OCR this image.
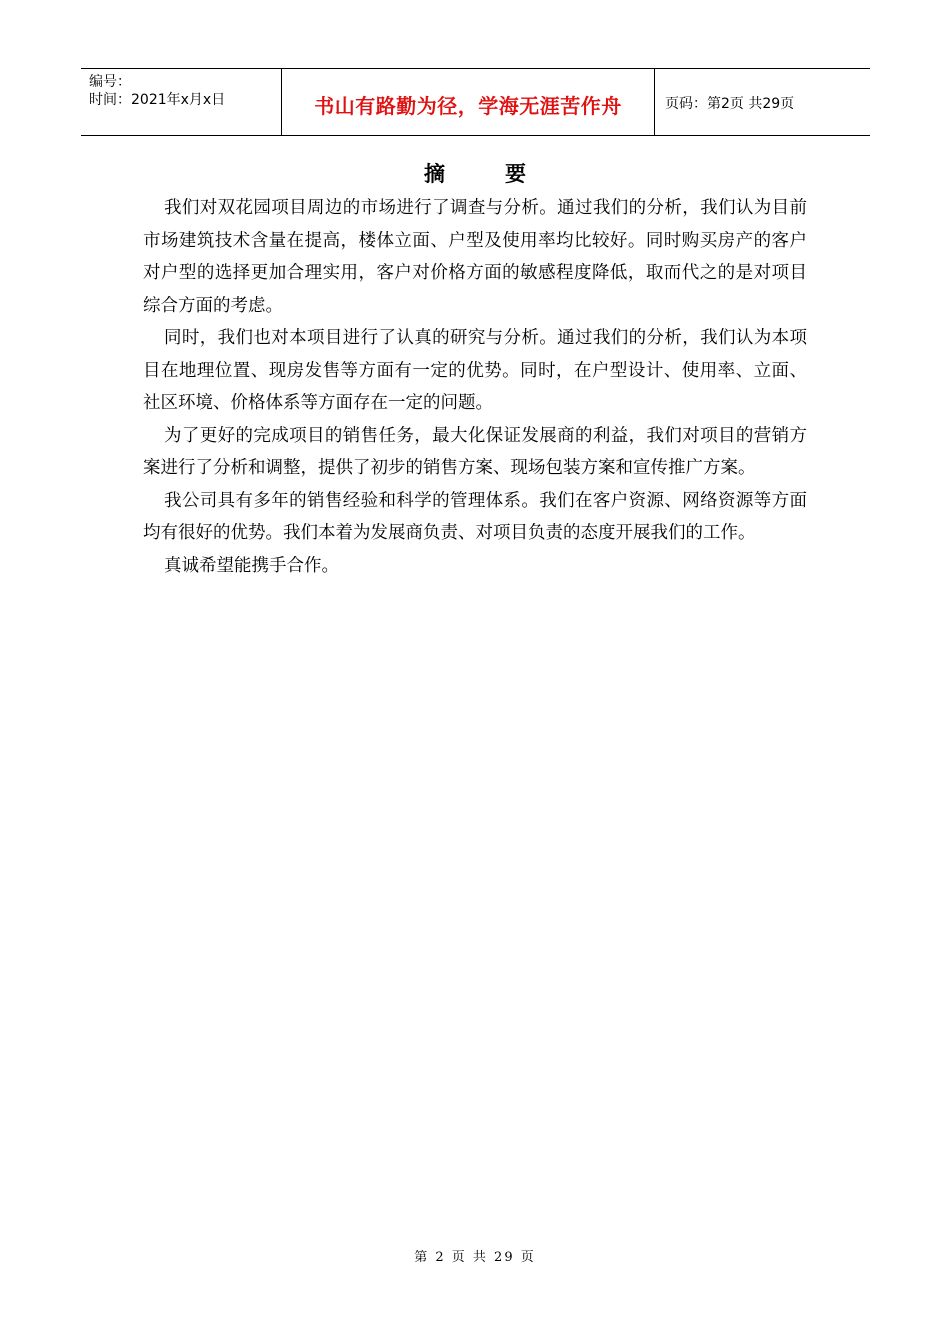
编号：
时间：2021年x月x日	书山有路勤为径，学海无涯苦作舟	页码：第2页 共29页
摘要

我们对双花园项目周边的市场进行了调查与分析。通过我们的分析，我们认为目前市场建筑技术含量在提高，楼体立面、户型及使用率均比较好。同时购买房产的客户对户型的选择更加合理实用，客户对价格方面的敏感程度降低，取而代之的是对项目综合方面的考虑。

同时，我们也对本项目进行了认真的研究与分析。通过我们的分析，我们认为本项目在地理位置、现房发售等方面有一定的优势。同时，在户型设计、使用率、立面、社区环境、价格体系等方面存在一定的问题。

为了更好的完成项目的销售任务，最大化保证发展商的利益，我们对项目的营销方案进行了分析和调整，提供了初步的销售方案、现场包装方案和宣传推广方案。

我公司具有多年的销售经验和科学的管理体系。我们在客户资源、网络资源等方面均有很好的优势。我们本着为发展商负责、对项目负责的态度开展我们的工作。

真诚希望能携手合作。

第 2 页 共 29 页
